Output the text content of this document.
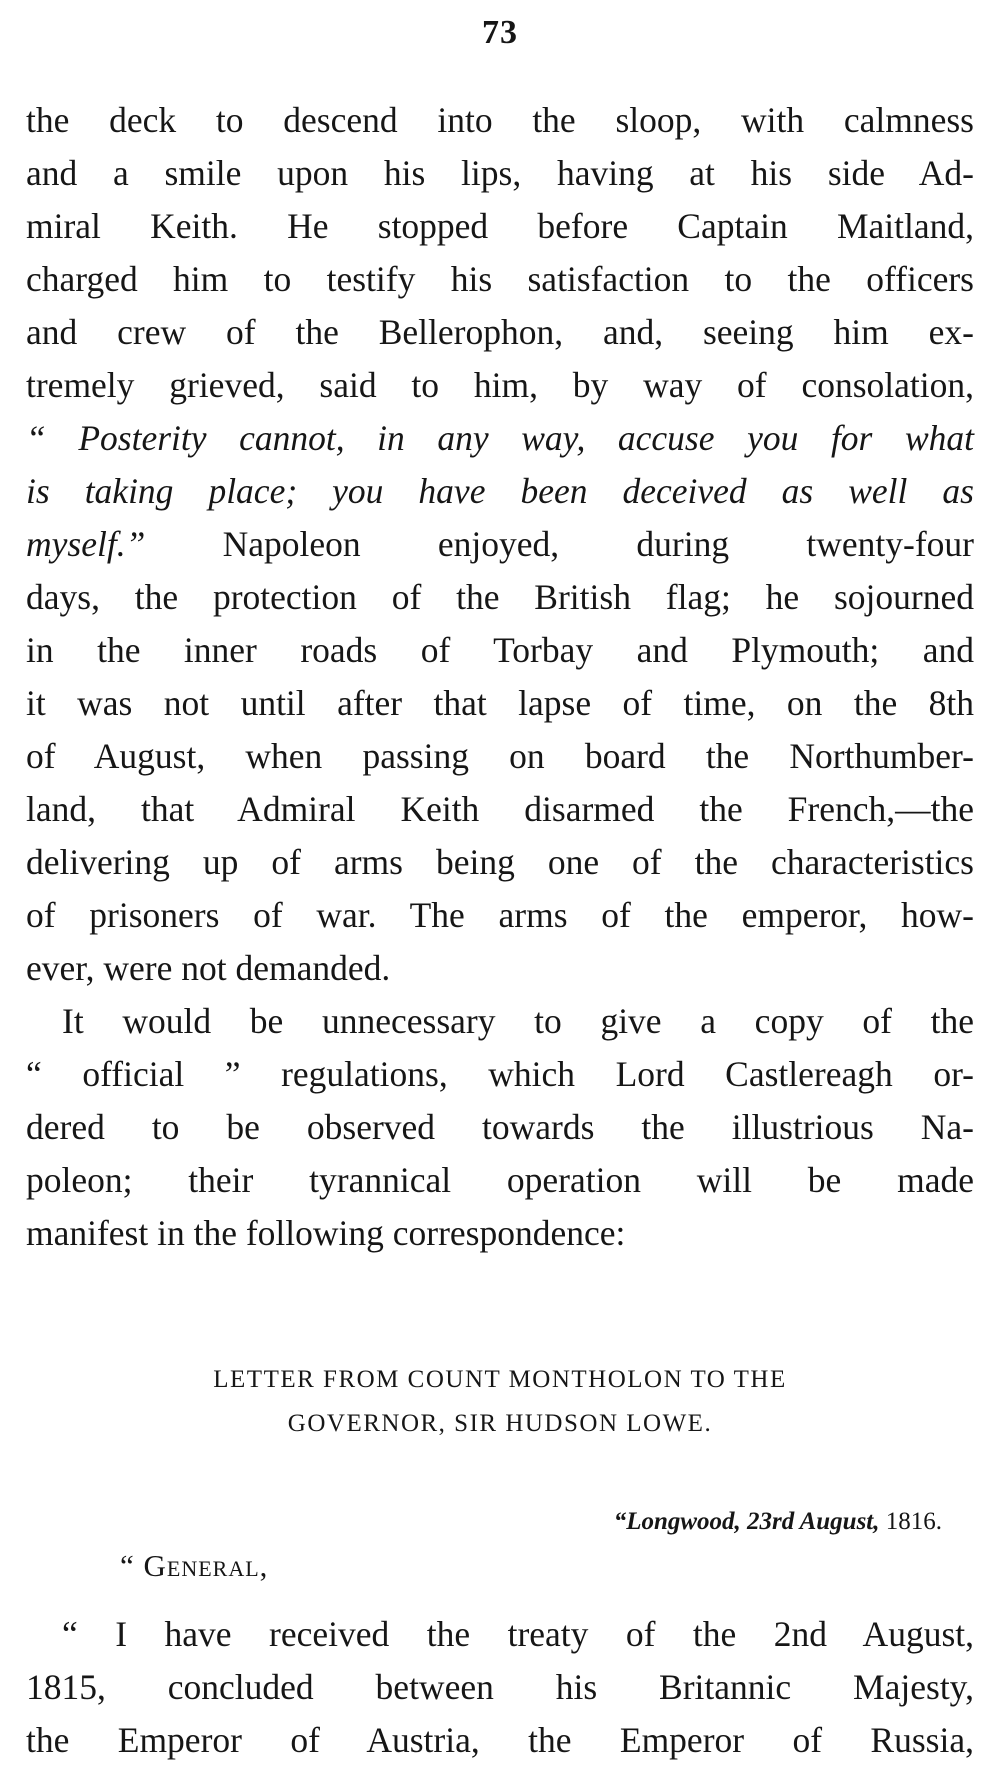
73
the deck to descend into the sloop, with calmness
and a smile upon his lips, having at his side Ad-
miral Keith. He stopped before Captain Maitland,
charged him to testify his satisfaction to the officers
and crew of the Bellerophon, and, seeing him ex-
tremely grieved, said to him, by way of consolation,
“ Posterity cannot, in any way, accuse you for what
is taking place; you have been deceived as well as
myself.” Napoleon enjoyed, during twenty-four
days, the protection of the British flag; he sojourned
in the inner roads of Torbay and Plymouth; and
it was not until after that lapse of time, on the 8th
of August, when passing on board the Northumber-
land, that Admiral Keith disarmed the French,—the
delivering up of arms being one of the characteristics
of prisoners of war. The arms of the emperor, how-
ever, were not demanded.
It would be unnecessary to give a copy of the
“ official ” regulations, which Lord Castlereagh or-
dered to be observed towards the illustrious Na-
poleon; their tyrannical operation will be made
manifest in the following correspondence:
LETTER FROM COUNT MONTHOLON TO THE
GOVERNOR, SIR HUDSON LOWE.
“Longwood, 23rd August, 1816.
“ General,
“ I have received the treaty of the 2nd August,
1815, concluded between his Britannic Majesty,
the Emperor of Austria, the Emperor of Russia,
